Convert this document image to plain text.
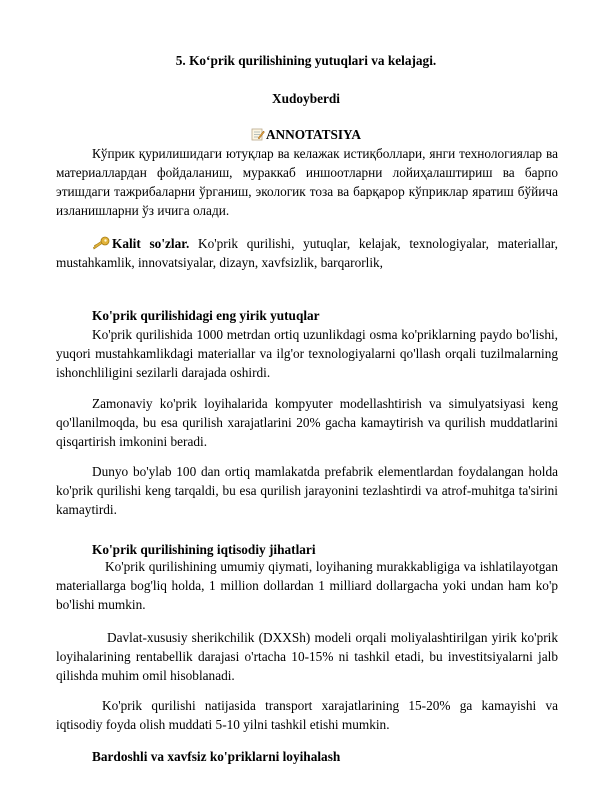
5. Ko‘prik qurilishining yutuqlari va kelajagi.
Xudoyberdi
ANNOTATSIYA

Кўприк қурилишидаги ютуқлар ва келажак истиқболлари, янги технологиялар ва материаллардан фойдаланиш, мураккаб иншоотларни лойиҳалаштириш ва барпо этишдаги тажрибаларни ўрганиш, экологик тоза ва барқарор кўприклар яратиш бўйича изланишларни ўз ичига олади.

Kalit so'zlar. Ko'prik qurilishi, yutuqlar, kelajak, texnologiyalar, materiallar, mustahkamlik, innovatsiyalar, dizayn, xavfsizlik, barqarorlik,

Ko'prik qurilishidagi eng yirik yutuqlar

Ko'prik qurilishida 1000 metrdan ortiq uzunlikdagi osma ko'priklarning paydo bo'lishi, yuqori mustahkamlikdagi materiallar va ilg'or texnologiyalarni qo'llash orqali tuzilmalarning ishonchliligini sezilarli darajada oshirdi.

Zamonaviy ko'prik loyihalarida kompyuter modellashtirish va simulyatsiyasi keng qo'llanilmoqda, bu esa qurilish xarajatlarini 20% gacha kamaytirish va qurilish muddatlarini qisqartirish imkonini beradi.

Dunyo bo'ylab 100 dan ortiq mamlakatda prefabrik elementlardan foydalangan holda ko'prik qurilishi keng tarqaldi, bu esa qurilish jarayonini tezlashtirdi va atrof-muhitga ta'sirini kamaytirdi.

Ko'prik qurilishining iqtisodiy jihatlari

Ko'prik qurilishining umumiy qiymati, loyihaning murakkabligiga va ishlatilayotgan materiallarga bog'liq holda, 1 million dollardan 1 milliard dollargacha yoki undan ham ko'p bo'lishi mumkin.

Davlat-xususiy sherikchilik (DXXSh) modeli orqali moliyalashtirilgan yirik ko'prik loyihalarining rentabellik darajasi o'rtacha 10-15% ni tashkil etadi, bu investitsiyalarni jalb qilishda muhim omil hisoblanadi.

Ko'prik qurilishi natijasida transport xarajatlarining 15-20% ga kamayishi va iqtisodiy foyda olish muddati 5-10 yilni tashkil etishi mumkin.

Bardoshli va xavfsiz ko'priklarni loyihalash
